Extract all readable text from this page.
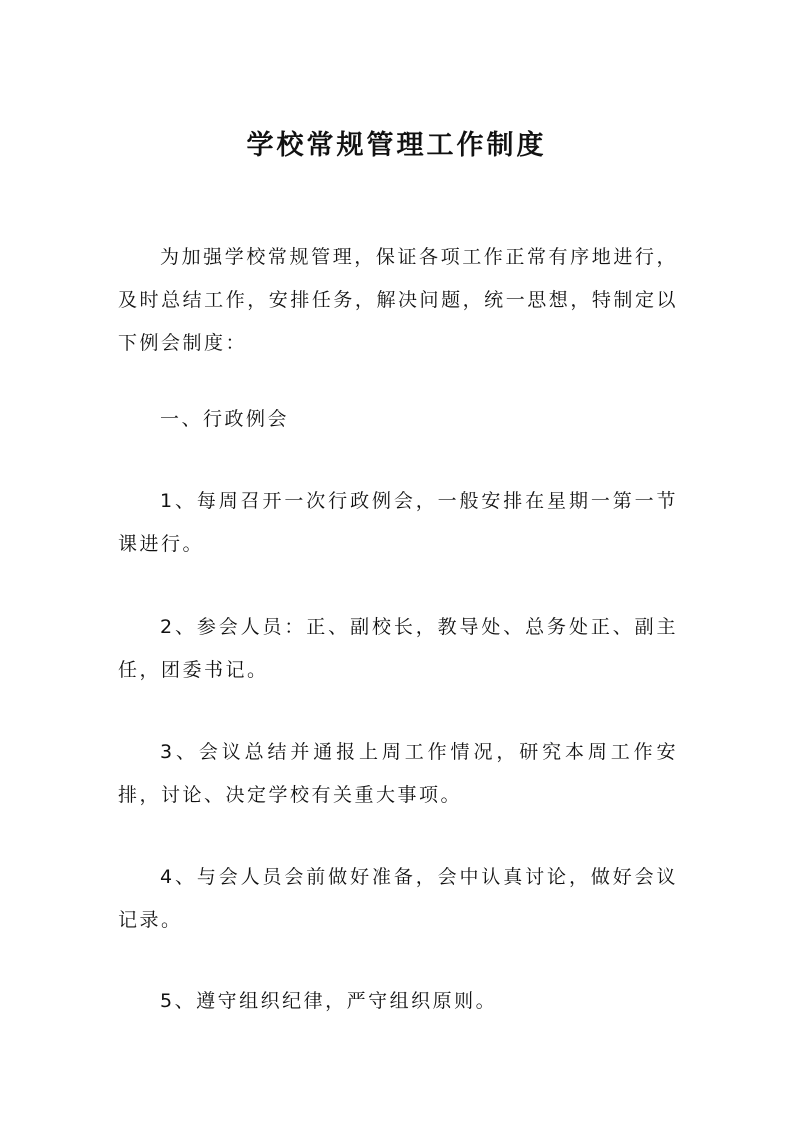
学校常规管理工作制度

为加强学校常规管理，保证各项工作正常有序地进行，及时总结工作，安排任务，解决问题，统一思想，特制定以下例会制度：

一、行政例会

1、每周召开一次行政例会，一般安排在星期一第一节课进行。

2、参会人员：正、副校长，教导处、总务处正、副主任，团委书记。

3、会议总结并通报上周工作情况，研究本周工作安排，讨论、决定学校有关重大事项。

4、与会人员会前做好准备，会中认真讨论，做好会议记录。

5、遵守组织纪律，严守组织原则。
